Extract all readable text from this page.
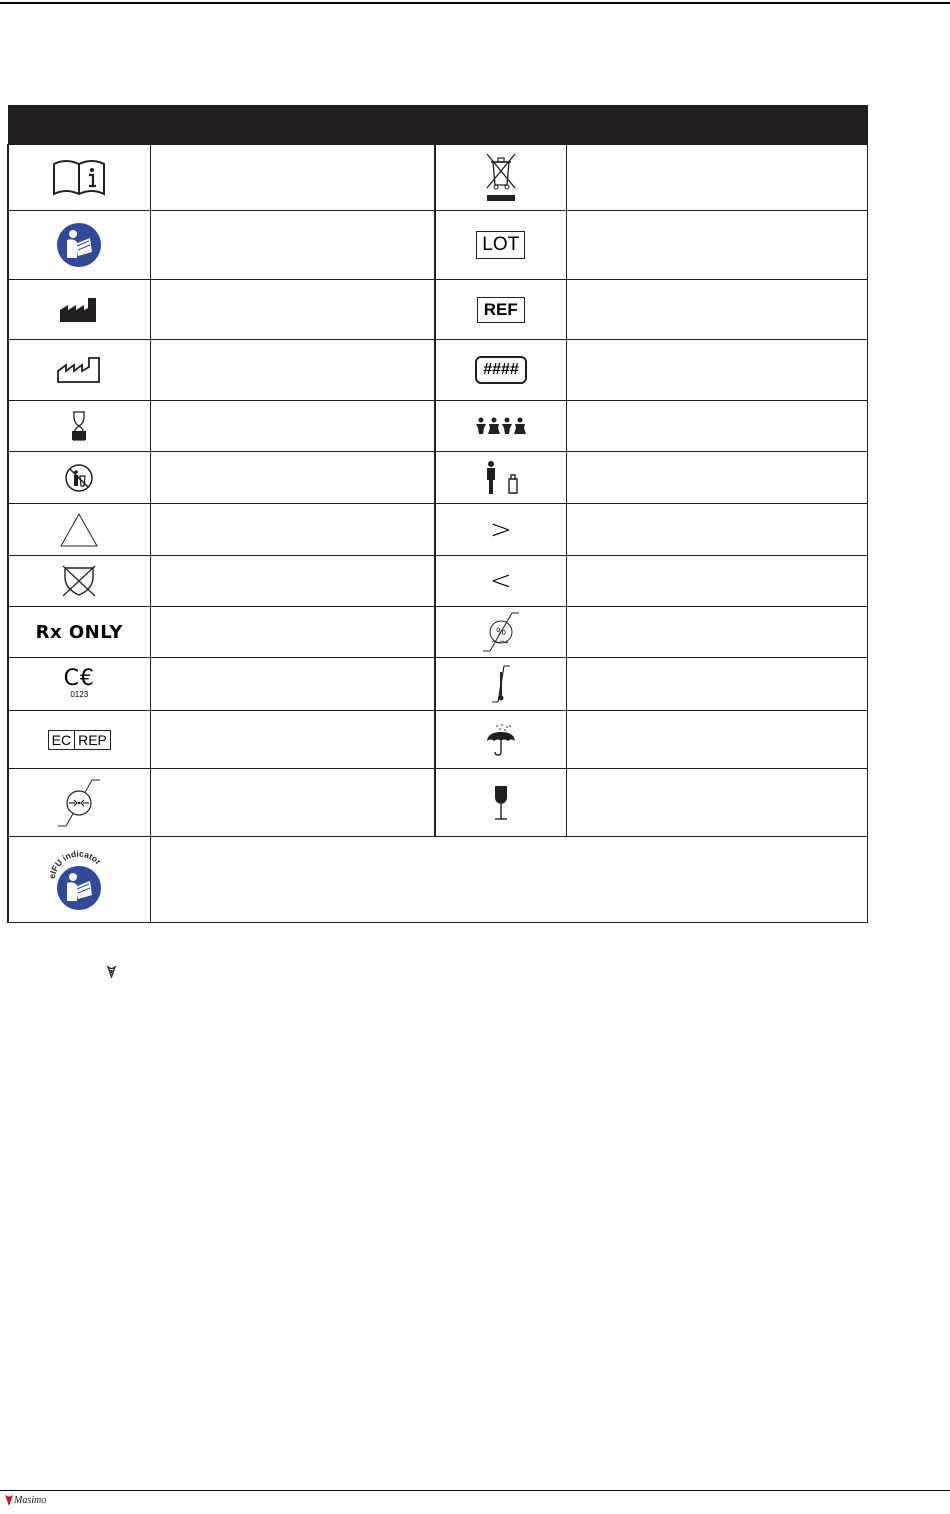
		LOT	

		REF	

		####	

		>	

		<	
Rx ONLY		%	

C€
0123

EC REP

eIFU indicator			

Masimo
